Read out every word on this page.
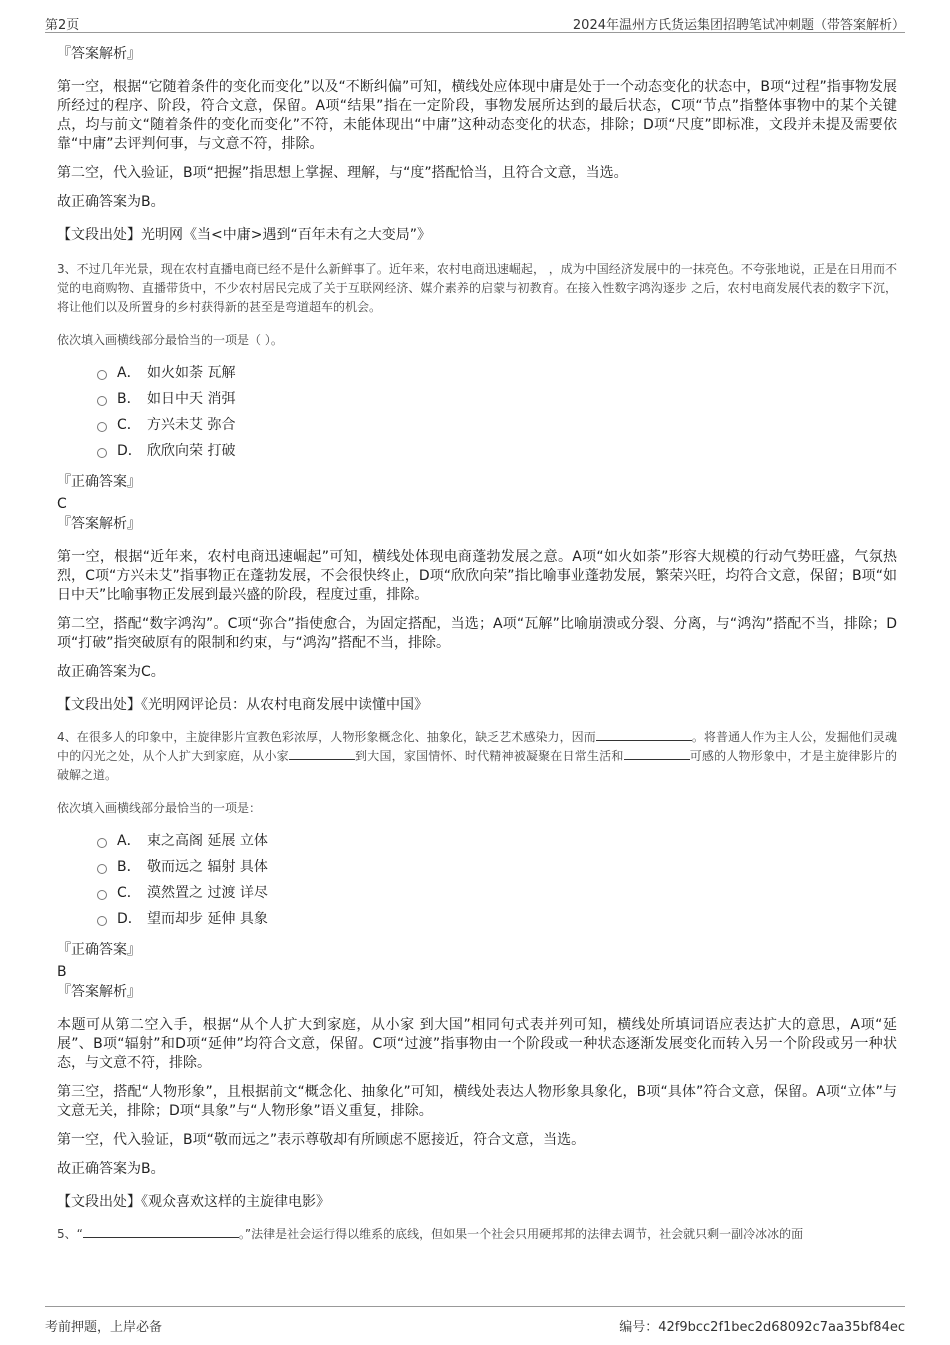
第2页	2024年温州方氏货运集团招聘笔试冲刺题（带答案解析）
『答案解析』

第一空，根据“它随着条件的变化而变化”以及“不断纠偏”可知，横线处应体现中庸是处于一个动态变化的状态中，B项“过程”指事物发展所经过的程序、阶段，符合文意，保留。A项“结果”指在一定阶段，事物发展所达到的最后状态，C项“节点”指整体事物中的某个关键点，均与前文“随着条件的变化而变化”不符，未能体现出“中庸”这种动态变化的状态，排除；D项“尺度”即标准，文段并未提及需要依靠“中庸”去评判何事，与文意不符，排除。

第二空，代入验证，B项“把握”指思想上掌握、理解，与“度”搭配恰当，且符合文意，当选。

故正确答案为B。

【文段出处】光明网《当<中庸>遇到“百年未有之大变局”》

3、不过几年光景，现在农村直播电商已经不是什么新鲜事了。近年来，农村电商迅速崛起， ，成为中国经济发展中的一抹亮色。不夸张地说，正是在日用而不觉的电商购物、直播带货中，不少农村居民完成了关于互联网经济、媒介素养的启蒙与初教育。在接入性数字鸿沟逐步 之后，农村电商发展代表的数字下沉，将让他们以及所置身的乡村获得新的甚至是弯道超车的机会。

依次填入画横线部分最恰当的一项是（ ）。
A． 如火如荼 瓦解
B． 如日中天 消弭
C． 方兴未艾 弥合
D． 欣欣向荣 打破
『正确答案』
C
『答案解析』

第一空，根据“近年来，农村电商迅速崛起”可知，横线处体现电商蓬勃发展之意。A项“如火如荼”形容大规模的行动气势旺盛，气氛热烈，C项“方兴未艾”指事物正在蓬勃发展，不会很快终止，D项“欣欣向荣”指比喻事业蓬勃发展，繁荣兴旺，均符合文意，保留；B项“如日中天”比喻事物正发展到最兴盛的阶段，程度过重，排除。

第二空，搭配“数字鸿沟”。C项“弥合”指使愈合，为固定搭配，当选；A项“瓦解”比喻崩溃或分裂、分离，与“鸿沟”搭配不当，排除；D项“打破”指突破原有的限制和约束，与“鸿沟”搭配不当，排除。

故正确答案为C。

【文段出处】《光明网评论员：从农村电商发展中读懂中国》

4、在很多人的印象中，主旋律影片宣教色彩浓厚，人物形象概念化、抽象化，缺乏艺术感染力，因而	。将普通人作为主人公，发掘他们灵魂中的闪光之处，从个人扩大到家庭，从小家	到大国，家国情怀、时代精神被凝聚在日常生活和	可感的人物形象中，才是主旋律影片的破解之道。

依次填入画横线部分最恰当的一项是：
A． 束之高阁 延展 立体
B． 敬而远之 辐射 具体
C． 漠然置之 过渡 详尽
D． 望而却步 延伸 具象
『正确答案』
B
『答案解析』

本题可从第二空入手，根据“从个人扩大到家庭，从小家 到大国”相同句式表并列可知，横线处所填词语应表达扩大的意思，A项“延展”、B项“辐射”和D项“延伸”均符合文意，保留。C项“过渡”指事物由一个阶段或一种状态逐渐发展变化而转入另一个阶段或另一种状态，与文意不符，排除。

第三空，搭配“人物形象”，且根据前文“概念化、抽象化”可知，横线处表达人物形象具象化，B项“具体”符合文意，保留。A项“立体”与文意无关，排除；D项“具象”与“人物形象”语义重复，排除。

第一空，代入验证，B项“敬而远之”表示尊敬却有所顾虑不愿接近，符合文意，当选。

故正确答案为B。

【文段出处】《观众喜欢这样的主旋律电影》

5、“	。”法律是社会运行得以维系的底线，但如果一个社会只用硬邦邦的法律去调节，社会就只剩一副冷冰冰的面

考前押题，上岸必备	编号：42f9bcc2f1bec2d68092c7aa35bf84ec
